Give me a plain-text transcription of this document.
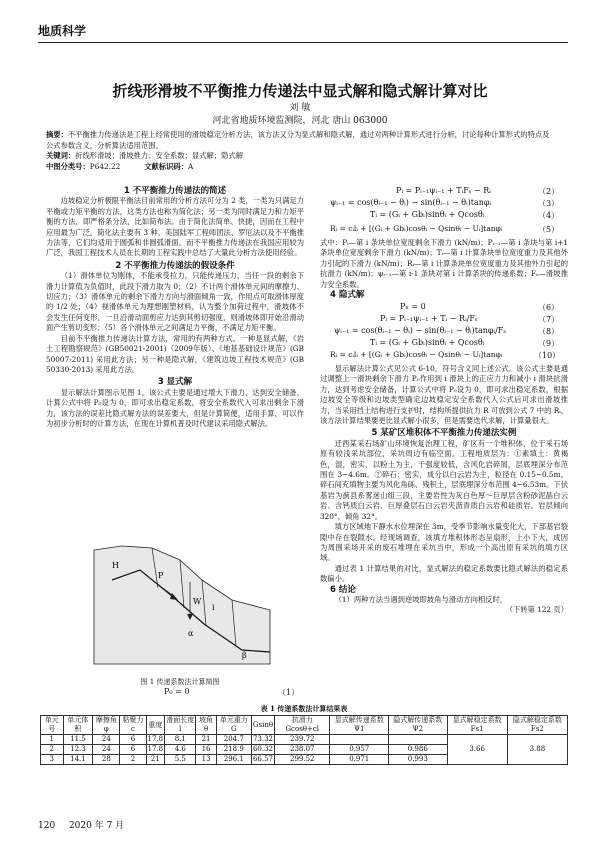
地质科学
折线形滑坡不平衡推力传递法中显式解和隐式解计算对比
刘 敏
河北省地质环境监测院，河北 唐山 063000
摘要：不平衡推力传递法是工程上经常使用的滑坡稳定分析方法，该方法又分为显式解和隐式解，通过对两种计算形式进行分析，讨论每种计算形式的特点及公式参数含义，分析算法适用范围。
关键词：折线形滑坡；滑坡推力；安全系数；显式解；隐式解
中图分类号：P642.22	文献标识码：A
1 不平衡推力传递法的简述
边坡稳定分析极限平衡法目前常用的分析方法可分为 2 类，一类为只满足力平衡或力矩平衡的方法，这类方法也称为简化法；另一类为同时满足力和力矩平衡的方法，即严格条分法，比如简布法。由于简化法简单、快捷，因而在工程中应用最为广泛，简化法主要有 3 种，美国陆军工程师团法、罗厄法以及不平衡推力法等，它们均适用于圆弧和非圆弧滑面，而不平衡推力传递法在我国应用较为广泛，我国工程技术人员在长期的工程实践中总结了大量此分析方法使用经验。
2 不平衡推力传递法的假设条件
（1）滑体单位为刚体，不能承受拉力，只能传递压力，当任一段的剩余下滑力计算值为负值时，此段下滑力取为 0；（2）不计两个滑体单元间的摩擦力、切应力；（3）滑体单元的剩余下滑力方向与滑面倾角一致，作用点可取滑体厚度的 1/2 处；（4）视滑体单元为理想刚塑材料，认为整个加荷过程中，滑坡体不会发生任何变形，一旦沿滑动面剪应力达到其剪切强度，则滑坡体即开始沿滑动面产生剪切变形；（5）各个滑体单元之间满足力平衡，不满足力矩平衡。
目前不平衡推力传递法计算方法，常用的有两种方式，一种是显式解，《岩土工程勘察规范》(GB50021-2001)（2009年版）、《地基基础设计规范》(GB 50007-2011) 采用此方法；另一种是隐式解，《建筑边坡工程技术规范》(GB 50330-2013) 采用此方法。
3 显式解
显示解法计算图示见图 1，该公式主要是通过增大下滑力，达到安全储备，计算公式中将 P₀设为 0，即可求出稳定系数，将安全系数代入可求出剩余下滑力，该方法的误差比隐式解方法的误差要大，但是计算简便，适用手算，可以作为初步分析时的计算方法，在现在计算机普及时代建议采用隐式解法。
H
W
P
α
β
i
图 1 传递系数法计算简图
P₀ = 0	（1）
Pᵢ = Pᵢ₋₁ψᵢ₋₁ + TᵢFₛ − Rᵢ	（2）
ψᵢ₋₁ = cos(θᵢ₋₁ − θᵢ) − sin(θᵢ₋₁ − θᵢ)tanφᵢ	（3）
Tᵢ = (Gᵢ + Gbᵢ)sinθᵢ + Qcosθᵢ	（4）
Rᵢ = cᵢlᵢ + [(Gᵢ + Gbᵢ)cosθᵢ − Qsinθᵢ − Uᵢ]tanφᵢ	（5）
式中：Pᵢ—第 i 条块单位宽度剩余下滑力 (kN/m)；Pᵢ₋₁—第 i 条块与第 i+1 条块单位宽度剩余下滑力 (kN/m)；Tᵢ—第 i 计算条块单位宽度重力及其他外力引起的下滑力 (kN/m)；Rᵢ—第 i 计算条块单位宽度重力及其他外力引起的抗滑力 (kN/m)；ψᵢ₋₁—第 i-1 条块对第 i 计算条块的传递系数；Fₛ—滑坡推力安全系数。
4 隐式解
Pₙ = 0	（6）
Pᵢ = Pᵢ₋₁ψᵢ₋₁ + Tᵢ − Rᵢ/Fₛ	（7）
ψᵢ₋₁ = cos(θᵢ₋₁ − θᵢ) − sin(θᵢ₋₁ − θᵢ)tanφᵢ/Fₛ	（8）
Tᵢ = (Gᵢ + Gbᵢ)sinθᵢ + Qcosθᵢ	（9）
Rᵢ = cᵢlᵢ + [(Gᵢ + Gbᵢ)cosθᵢ − Qsinθᵢ − Uᵢ]tanφᵢ	（10）
显示解法计算公式见公式 6-10，符号含义同上述公式。该公式主要是通过调整上一滑块剩余下滑力 P₀作用到 i 滑块上的正应力力和减小 i 滑块抗滑力，达到考虑安全储备，计算公式中将 P₀设为 0，即可求出稳定系数，根据边坡安全等级和边坡类型确定边坡稳定安全系数代入公式后可求出滑坡推力，当采用挡土结构进行支护时，结构所提供抗力 R 可放到公式 7 中的 Rᵢ，该方法计算结果要更比显式解小很多，但是需要迭代求解，计算量很大。
5 某矿区堆积体不平衡推力传递法实例
迁西某采石场矿山环境恢复治理工程，矿区有一个堆积体，位于采石场原有较浅采坑部位，采坑周边有临空面。工程地质层为：①素填土：黄褐色，湿，密实，以粉土为主，干强度较低，含风化岩碎屑，层底埋深分布范围在 3~4.6m。②碎石：密实，成分以白云岩为主，粒径在 0.15~0.5m，碎石间充填物主要为风化角砾、残积土，层底埋深分布范围 4~6.53m。下伏基岩为蓟县系雾迷山组三段，主要岩性为灰白色厚～巨厚层含粉砂泥晶白云岩、含钙质白云岩、巨厚叠层石白云岩夹沥青质白云岩和硅质岩。岩层倾向 320°，倾角 32°。
填方区域地下静水水位埋深在 3m，受季节影响水量变化大，下部基岩裂隙中存在裂隙水。经现场调查，该填方堆积体形态呈扇形，上小下大，成因为周围采场开采的废石堆埋在采坑当中，形成一个高出原有采坑的填方区域。
通过表 1 计算结果的对比，显式解法的稳定系数要比隐式解法的稳定系数偏小。
6 结论
（1）两种方法当遇到逆坡即坡角与滑动方向相反时，
（下转第 122 页）
表 1 传递系数法计算结果表
单元号	单元体积	摩擦角φ	粘聚力c	重度	滑面长度l	坡角θ	单元重力G	Gsinθ	抗滑力Gcosθ+cl	显式解传递系数Ψ1	隐式解传递系数Ψ2	显式解稳定系数Fs1	隐式解稳定系数Fs2
1	11.5	24	6	17.8	8.1	21	204.7	73.32	239.72			3.66	3.88
2	12.3	24	6	17.8	4.6	16	218.9	60.32	238.07	0.957	0.986		
3	14.1	28	2	21	5.5	13	296.1	66.57	299.52	0.971	0.993		
120 2020 年 7 月
